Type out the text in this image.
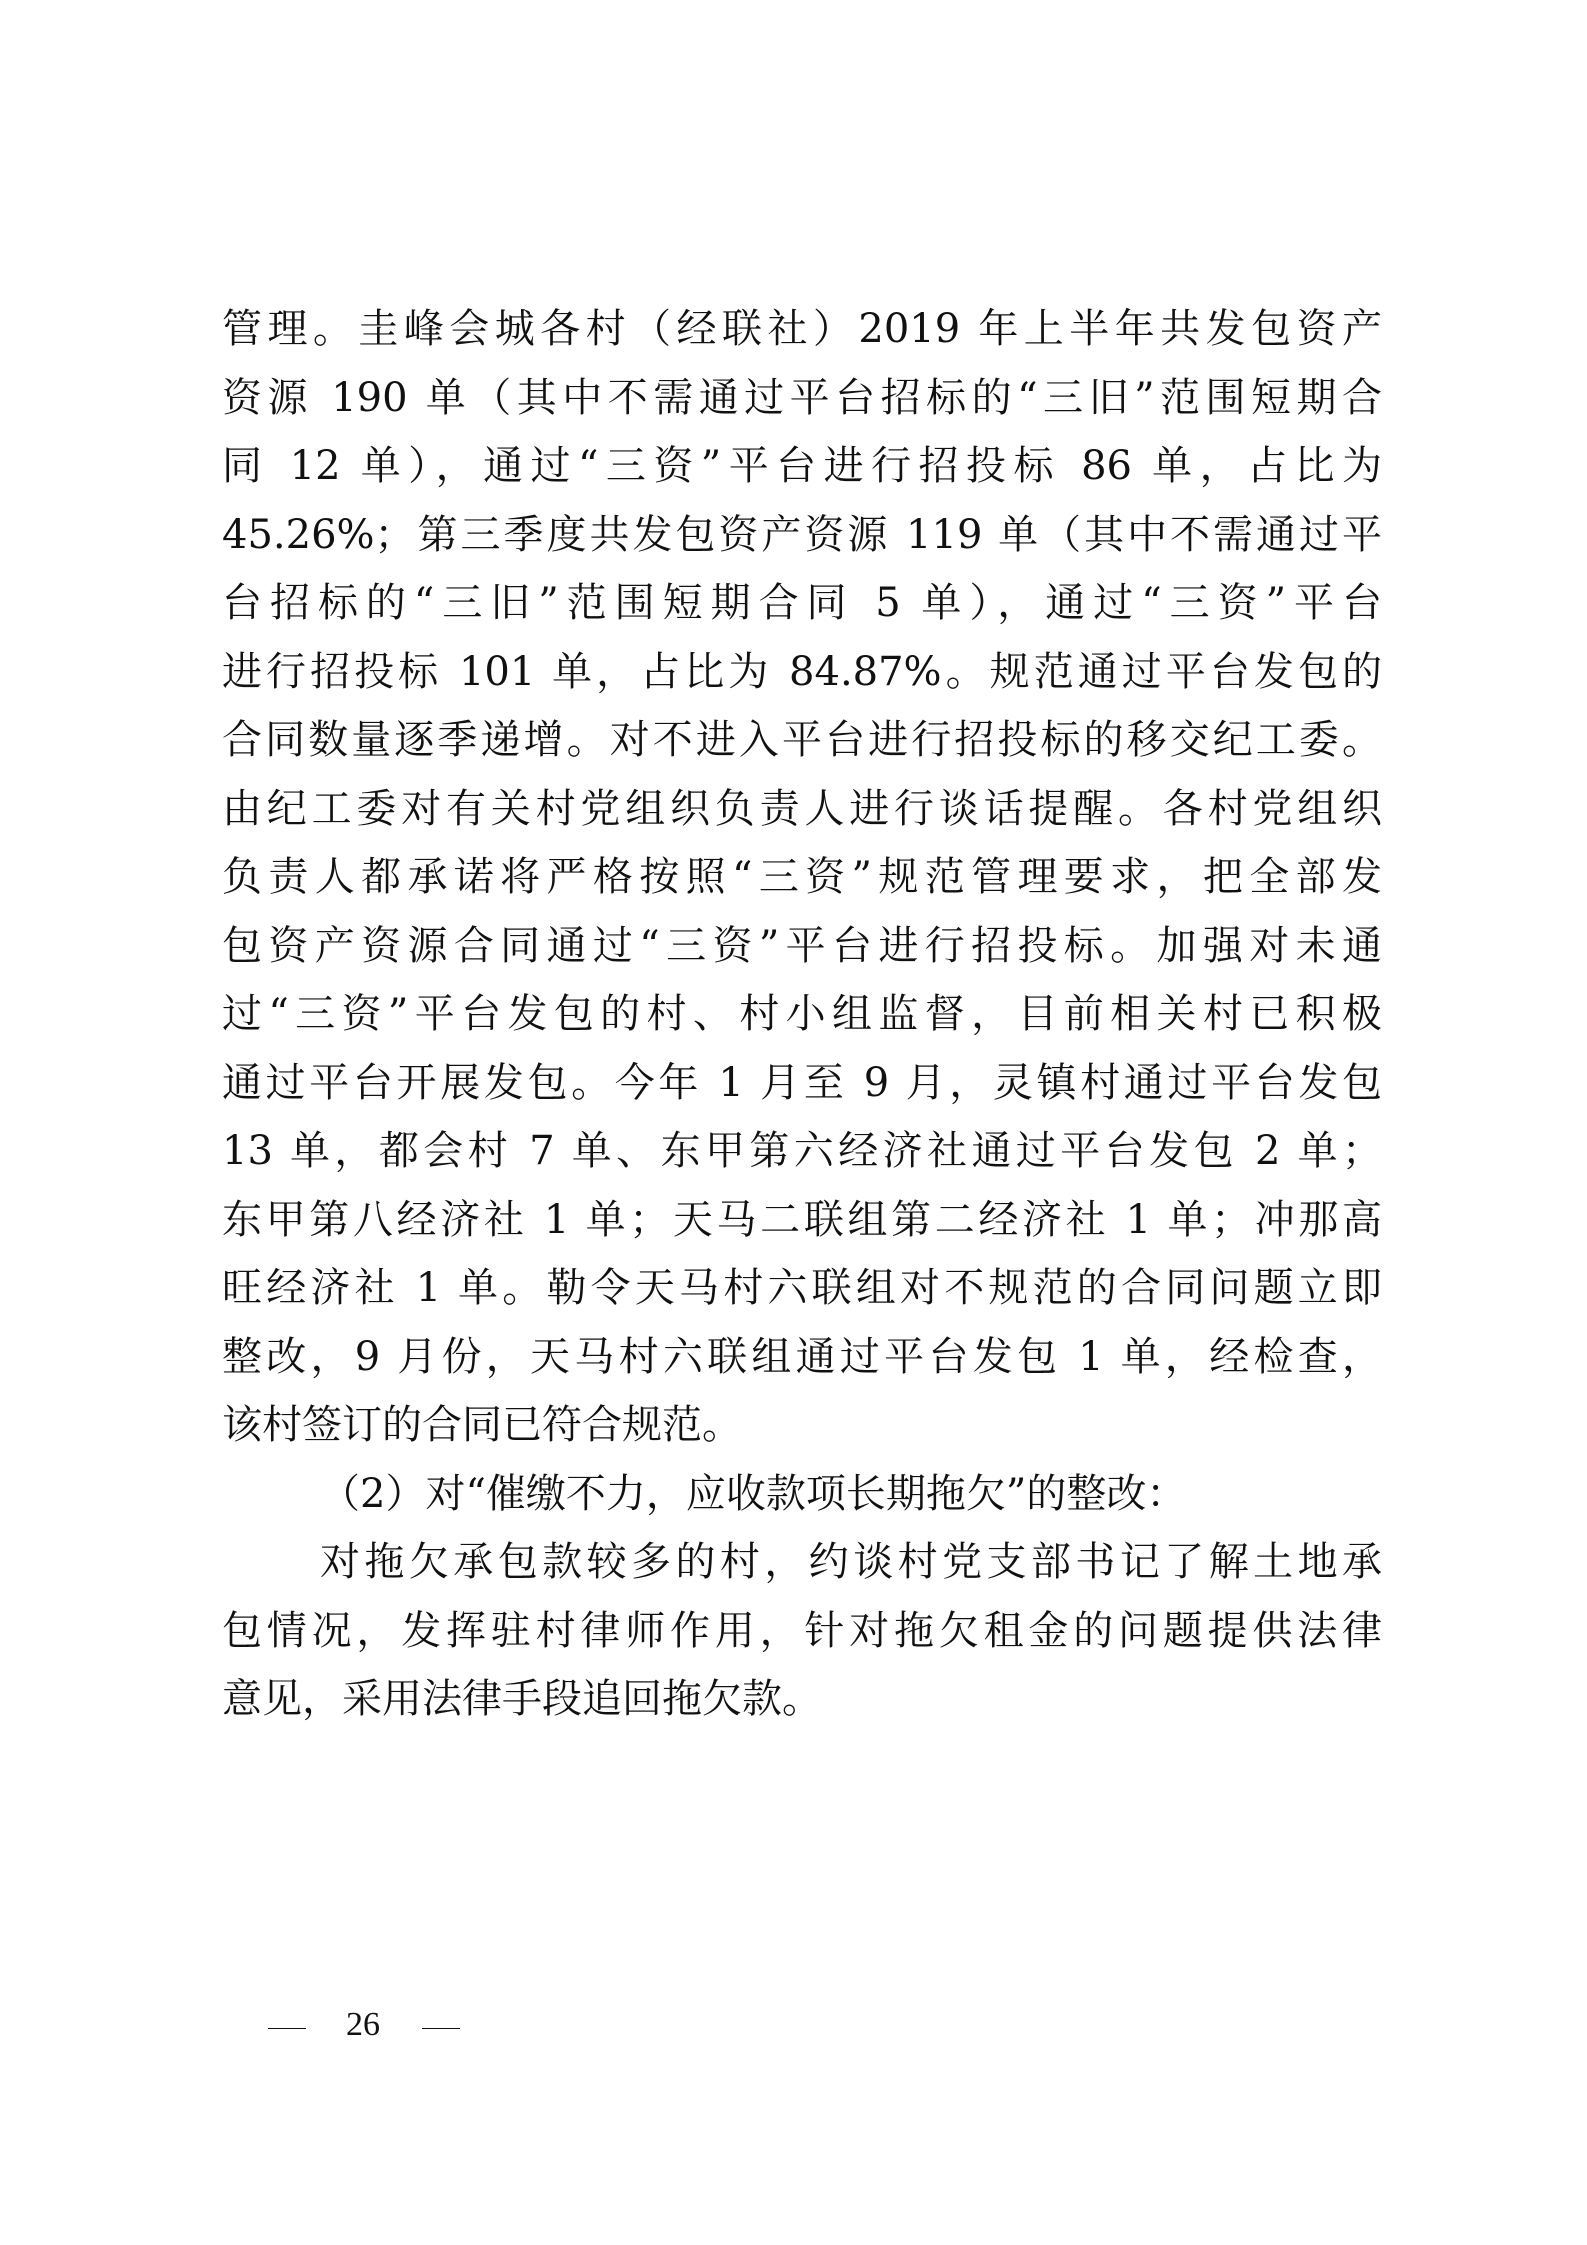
管理。圭峰会城各村（经联社）2019 年上半年共发包资产
资源 190 单（其中不需通过平台招标的“三旧”范围短期合
同 12 单），通过“三资”平台进行招投标 86 单，占比为
45.26%；第三季度共发包资产资源 119 单（其中不需通过平
台招标的“三旧”范围短期合同 5 单），通过“三资”平台
进行招投标 101 单，占比为 84.87%。规范通过平台发包的
合同数量逐季递增。对不进入平台进行招投标的移交纪工委。
由纪工委对有关村党组织负责人进行谈话提醒。各村党组织
负责人都承诺将严格按照“三资”规范管理要求，把全部发
包资产资源合同通过“三资”平台进行招投标。加强对未通
过“三资”平台发包的村、村小组监督，目前相关村已积极
通过平台开展发包。今年 1 月至 9 月，灵镇村通过平台发包
13 单，都会村 7 单、东甲第六经济社通过平台发包 2 单；
东甲第八经济社 1 单；天马二联组第二经济社 1 单；冲那高
旺经济社 1 单。勒令天马村六联组对不规范的合同问题立即
整改，9 月份，天马村六联组通过平台发包 1 单，经检查，
该村签订的合同已符合规范。
（2）对“催缴不力，应收款项长期拖欠”的整改：
对拖欠承包款较多的村，约谈村党支部书记了解土地承
包情况，发挥驻村律师作用，针对拖欠租金的问题提供法律
意见，采用法律手段追回拖欠款。
26
